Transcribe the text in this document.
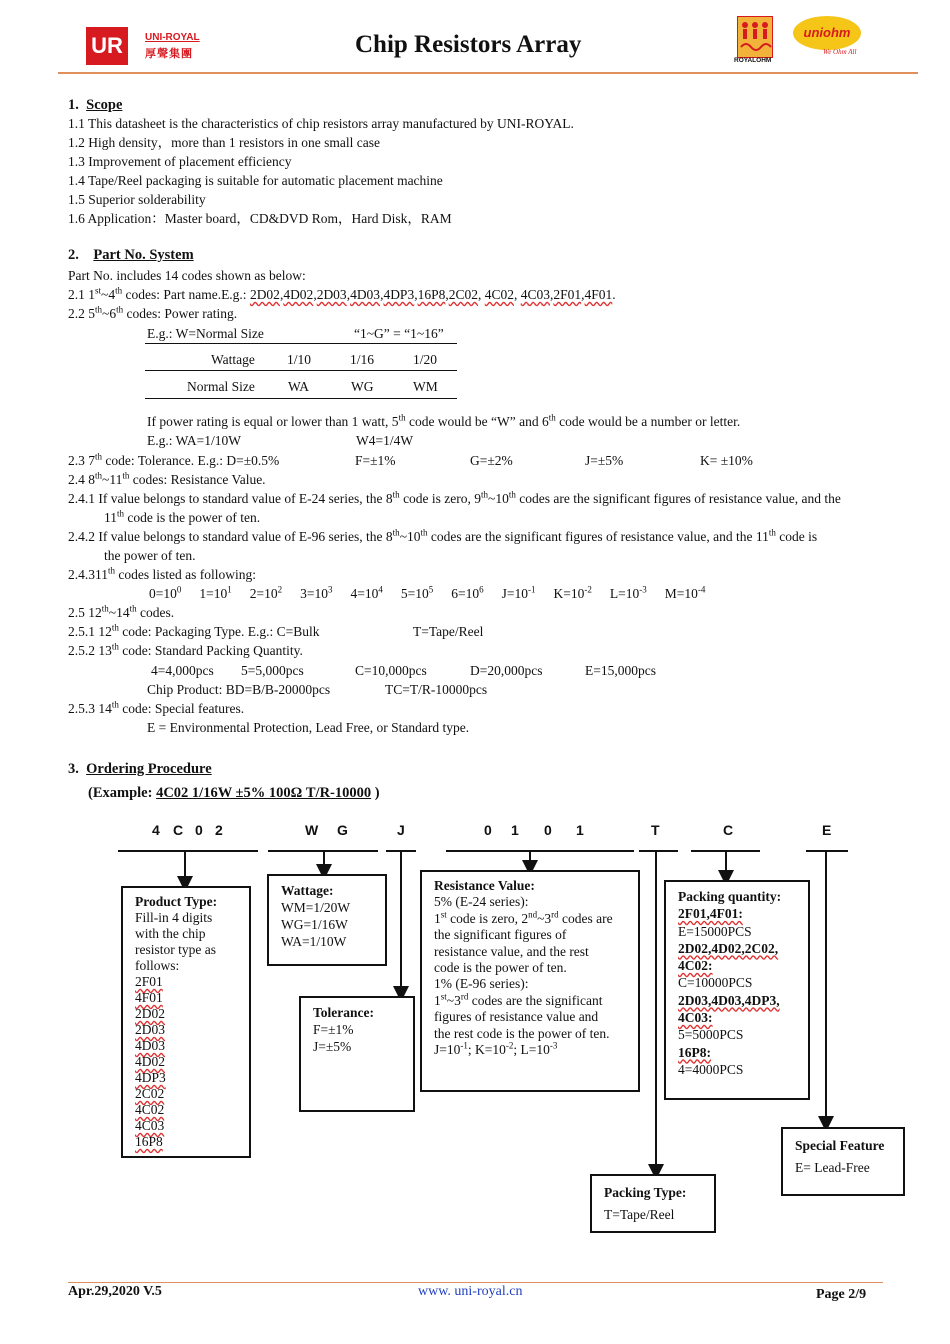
UR	UNI-ROYAL
厚聲集團	Chip Resistors Array
ROYALOHM
uniohm
We Ohm All
1. Scope
1.1 This datasheet is the characteristics of chip resistors array manufactured by UNI-ROYAL.
1.2 High density，more than 1 resistors in one small case
1.3 Improvement of placement efficiency
1.4 Tape/Reel packaging is suitable for automatic placement machine
1.5 Superior solderability
1.6 Application：Master board，CD&DVD Rom，Hard Disk，RAM
2. Part No. System
Part No. includes 14 codes shown as below:
2.1 1st~4th codes: Part name.E.g.: 2D02,4D02,2D03,4D03,4DP3,16P8,2C02, 4C02, 4C03,2F01,4F01.
2.2 5th~6th codes: Power rating.
E.g.: W=Normal Size	“1~G” = “1~16”
Wattage 1/10	1/16	1/20
Normal Size WA	WG	WM
If power rating is equal or lower than 1 watt, 5th code would be “W” and 6th code would be a number or letter.
E.g.: WA=1/10W	W4=1/4W
2.3 7th code: Tolerance. E.g.: D=±0.5%	F=±1%	G=±2%	J=±5%	K= ±10%
2.4 8th~11th codes: Resistance Value.
2.4.1 If value belongs to standard value of E-24 series, the 8th code is zero, 9th~10th codes are the significant figures of resistance value, and the
11th code is the power of ten.
2.4.2 If value belongs to standard value of E-96 series, the 8th~10th codes are the significant figures of resistance value, and the 11th code is
the power of ten.
2.4.311th codes listed as following:
$0=10^0$ $1=10^1$ $2=10^2$ $3=10^3$ $4=10^4$ $5=10^5$ $6=10^6$ $J=10^{-1}$ $K=10^{-2}$ $L=10^{-3}$ $M=10^{-4}$
2.5 12th~14th codes.
2.5.1 12th code: Packaging Type. E.g.: C=Bulk	T=Tape/Reel
2.5.2 13th code: Standard Packing Quantity.
4=4,000pcs 5=5,000pcs	C=10,000pcs	D=20,000pcs	E=15,000pcs
Chip Product: BD=B/B-20000pcs	TC=T/R-10000pcs
2.5.3 14th code: Special features.
E = Environmental Protection, Lead Free, or Standard type.
3. Ordering Procedure
(Example: 4C02 1/16W ±5% 100Ω T/R-10000 )
4 C 0 2	W G	J	0 1 0 1	T	C	E
Product Type:
Fill-in 4 digits
with the chip
resistor type as
follows:
2F01
4F01
2D02
2D03
4D03
4D02
4DP3
2C02
4C02
4C03
16P8
Wattage:
WM=1/20W
WG=1/16W
WA=1/10W
Tolerance:
F=±1%
J=±5%
Resistance Value:
5% (E-24 series):
1st code is zero, 2nd~3rd codes are
the significant figures of
resistance value, and the rest
code is the power of ten.
1% (E-96 series):
1st~3rd codes are the significant
figures of resistance value and
the rest code is the power of ten.
$J=10^{-1}$; $K=10^{-2}$; $L=10^{-3}$
Packing quantity:
2F01,4F01:
E=15000PCS
2D02,4D02,2C02,
4C02:
C=10000PCS
2D03,4D03,4DP3,
4C03:
5=5000PCS
16P8:
4=4000PCS
Special Feature
E= Lead-Free
Packing Type:
T=Tape/Reel
Apr.29,2020 V.5	www. uni-royal.cn	Page 2/9
